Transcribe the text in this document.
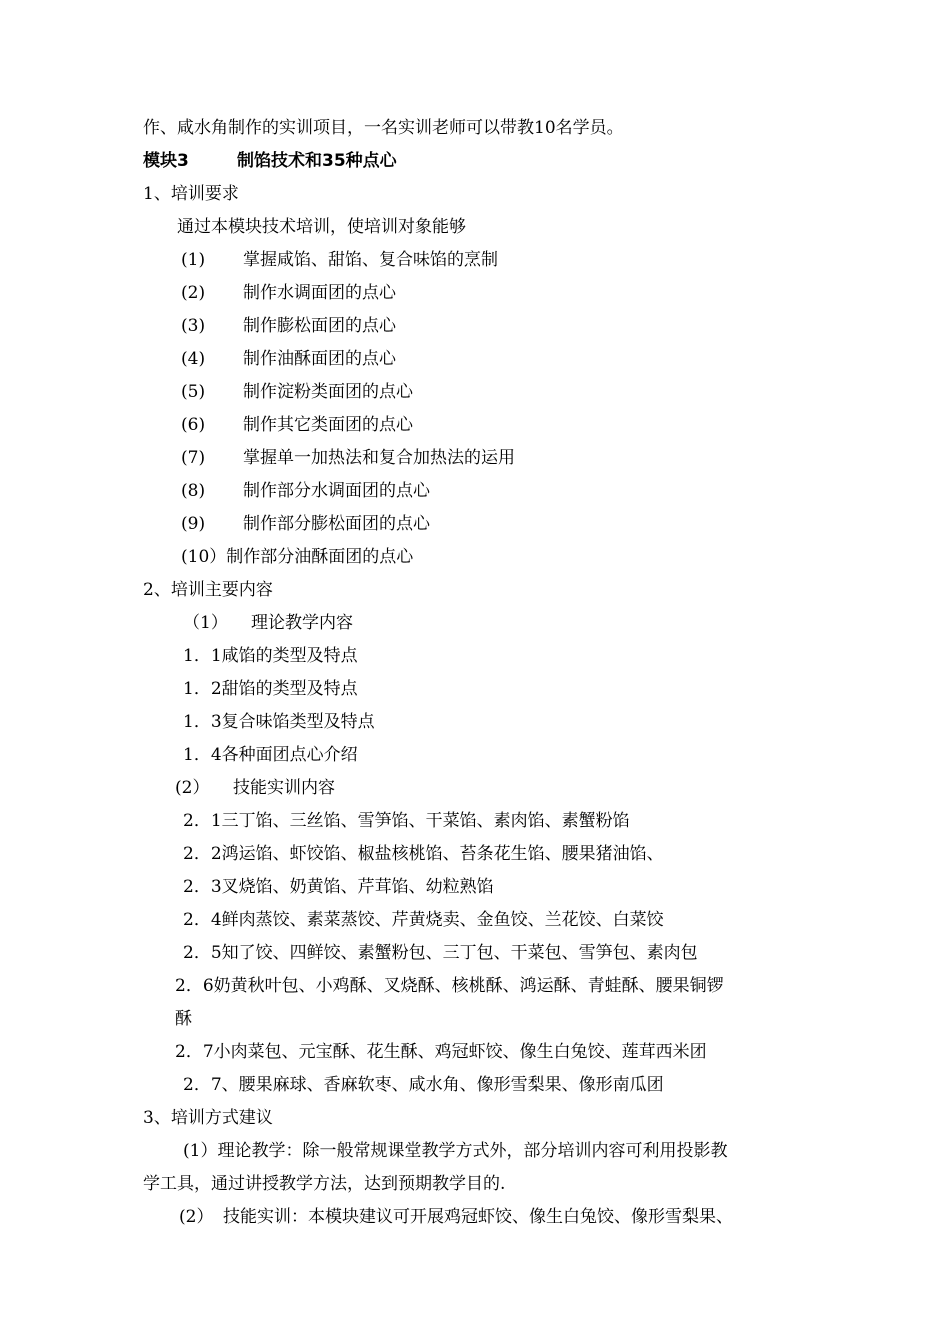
作、咸水角制作的实训项目，一名实训老师可以带教10名学员。
模块3	制馅技术和35种点心
1、培训要求
通过本模块技术培训，使培训对象能够
(1) 掌握咸馅、甜馅、复合味馅的烹制
(2) 制作水调面团的点心
(3) 制作膨松面团的点心
(4) 制作油酥面团的点心
(5) 制作淀粉类面团的点心
(6) 制作其它类面团的点心
(7) 掌握单一加热法和复合加热法的运用
(8) 制作部分水调面团的点心
(9) 制作部分膨松面团的点心
(10）制作部分油酥面团的点心
2、培训主要内容
（1） 理论教学内容
1．1咸馅的类型及特点
1．2甜馅的类型及特点
1．3复合味馅类型及特点
1．4各种面团点心介绍
(2） 技能实训内容
2．1三丁馅、三丝馅、雪笋馅、干菜馅、素肉馅、素蟹粉馅
2．2鸿运馅、虾饺馅、椒盐核桃馅、苔条花生馅、腰果猪油馅、
2．3叉烧馅、奶黄馅、芹茸馅、幼粒熟馅
2．4鲜肉蒸饺、素菜蒸饺、芹黄烧卖、金鱼饺、兰花饺、白菜饺
2．5知了饺、四鲜饺、素蟹粉包、三丁包、干菜包、雪笋包、素肉包
2．6奶黄秋叶包、小鸡酥、叉烧酥、核桃酥、鸿运酥、青蛙酥、腰果铜锣
酥
2．7小肉菜包、元宝酥、花生酥、鸡冠虾饺、像生白兔饺、莲茸西米团
2．7、腰果麻球、香麻软枣、咸水角、像形雪梨果、像形南瓜团
3、培训方式建议
(1）理论教学：除一般常规课堂教学方式外，部分培训内容可利用投影教
学工具，通过讲授教学方法，达到预期教学目的.
(2） 技能实训：本模块建议可开展鸡冠虾饺、像生白兔饺、像形雪梨果、
